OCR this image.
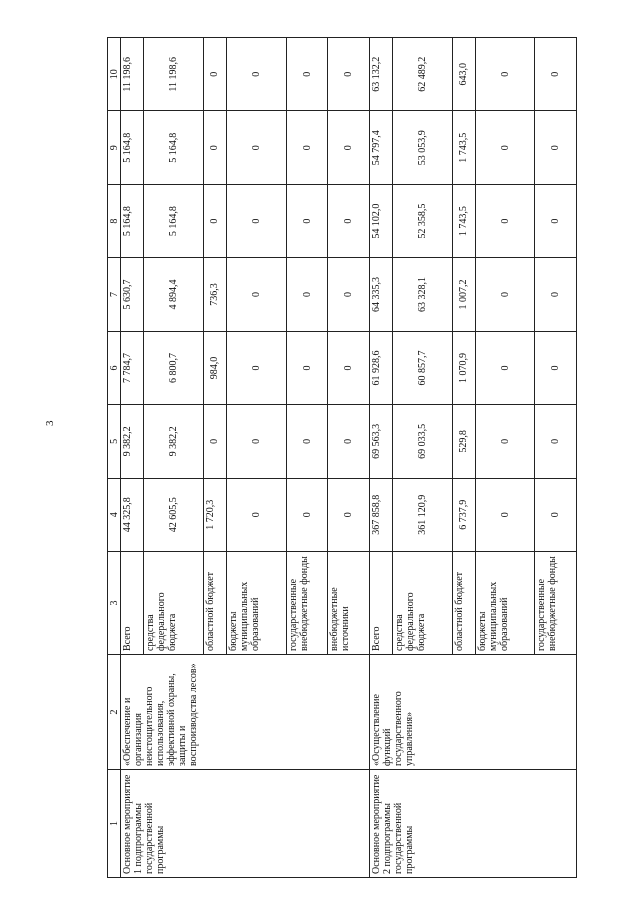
3
1	2	3	4	5	6	7	8	9	10
Основное мероприятие 1 подпрограммы государственной программы	«Обеспечение и организация неистощительного использования, эффективной охраны, защиты и воспроизводства лесов»	Всего	44 325,8	9 382,2	7 784,7	5 630,7	5 164,8	5 164,8	11 198,6
		средства федерального бюджета	42 605,5	9 382,2	6 800,7	4 894,4	5 164,8	5 164,8	11 198,6
		областной бюджет	1 720,3	0	984,0	736,3	0	0	0
		бюджеты муниципальных образований	0	0	0	0	0	0	0
		государственные внебюджетные фонды	0	0	0	0	0	0	0
		внебюджетные источники	0	0	0	0	0	0	0
Основное мероприятие 2 подпрограммы государственной программы	«Осуществление функций государственного управления»	Всего	367 858,8	69 563,3	61 928,6	64 335,3	54 102,0	54 797,4	63 132,2
		средства федерального бюджета	361 120,9	69 033,5	60 857,7	63 328,1	52 358,5	53 053,9	62 489,2
		областной бюджет	6 737,9	529,8	1 070,9	1 007,2	1 743,5	1 743,5	643,0
		бюджеты муниципальных образований	0	0	0	0	0	0	0
		государственные внебюджетные фонды	0	0	0	0	0	0	0
